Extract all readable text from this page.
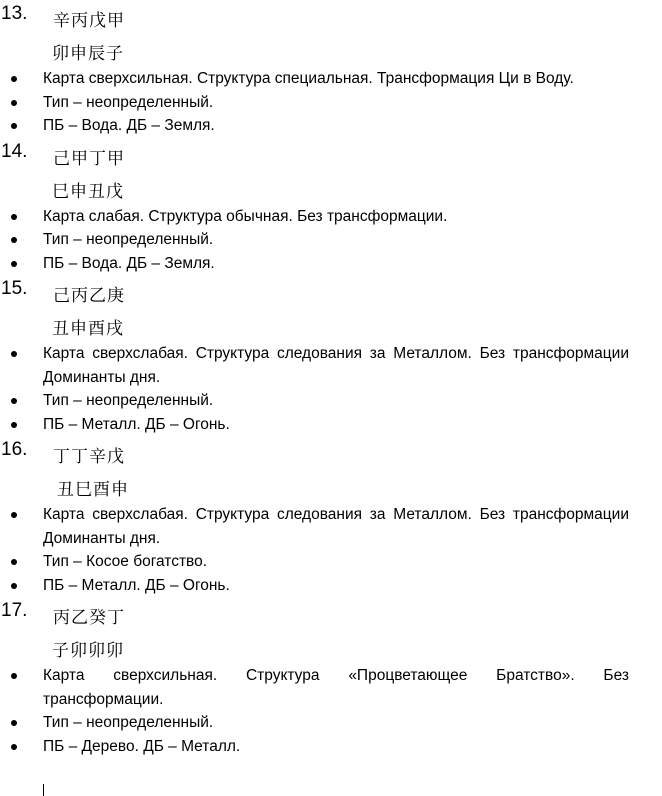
13. 辛丙戊甲
卯申辰子
Карта сверхсильная. Структура специальная. Трансформация Ци в Воду.
Тип – неопределенный.
ПБ – Вода. ДБ – Земля.
14. 己甲丁甲
巳申丑戊
Карта слабая. Структура обычная. Без трансформации.
Тип – неопределенный.
ПБ – Вода. ДБ – Земля.
15. 己丙乙庚
丑申酉戌
Карта сверхслабая. Структура следования за Металлом. Без трансформации Доминанты дня.
Тип – неопределенный.
ПБ – Металл. ДБ – Огонь.
16. 丁丁辛戊
丑巳酉申
Карта сверхслабая. Структура следования за Металлом. Без трансформации Доминанты дня.
Тип – Косое богатство.
ПБ – Металл. ДБ – Огонь.
17. 丙乙癸丁
子卯卯卯
Карта сверхсильная. Структура «Процветающее Братство». Без трансформации.
Тип – неопределенный.
ПБ – Дерево. ДБ – Металл.
